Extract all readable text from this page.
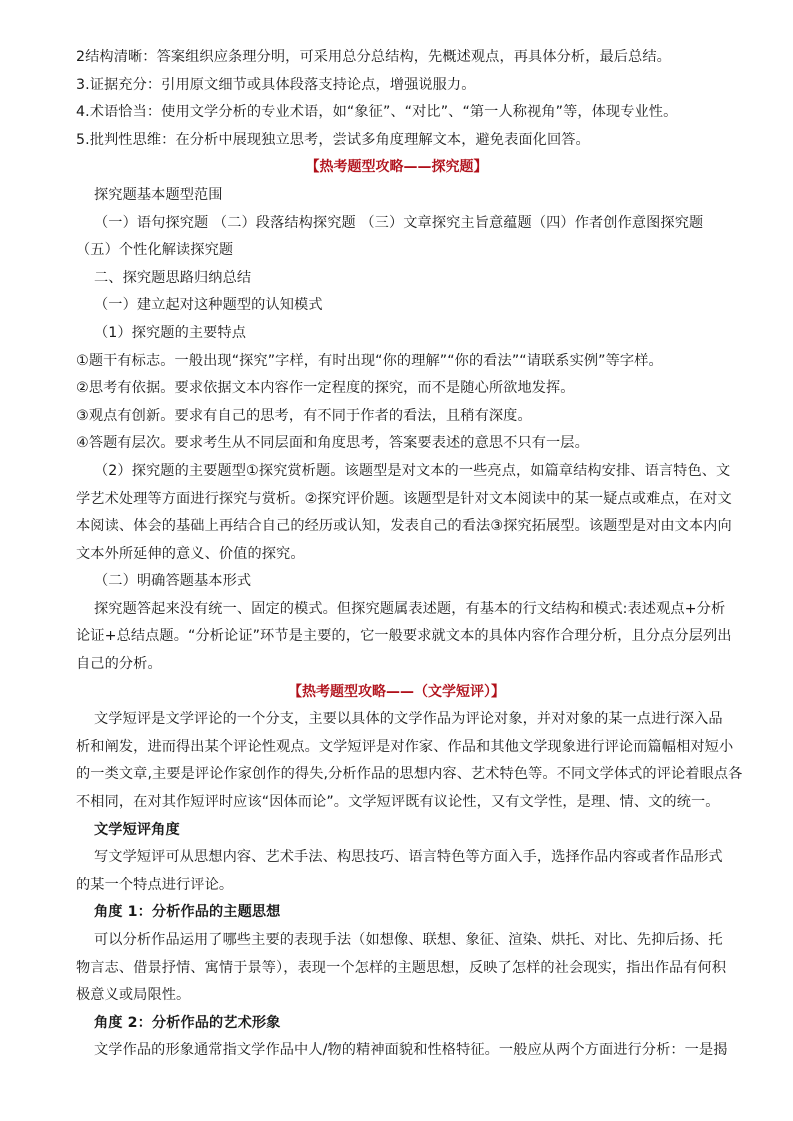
2结构清晰：答案组织应条理分明，可采用总分总结构，先概述观点，再具体分析，最后总结。
3.证据充分：引用原文细节或具体段落支持论点，增强说服力。
4.术语恰当：使用文学分析的专业术语，如“象征”、“对比”、“第一人称视角”等，体现专业性。
5.批判性思维：在分析中展现独立思考，尝试多角度理解文本，避免表面化回答。
【热考题型攻略——探究题】
探究题基本题型范围
（一）语句探究题 （二）段落结构探究题 （三）文章探究主旨意蕴题（四）作者创作意图探究题
（五）个性化解读探究题
二、探究题思路归纳总结
（一）建立起对这种题型的认知模式
（1）探究题的主要特点
①题干有标志。一般出现“探究”字样，有时出现“你的理解”“你的看法”“请联系实例”等字样。
②思考有依据。要求依据文本内容作一定程度的探究，而不是随心所欲地发挥。
③观点有创新。要求有自己的思考，有不同于作者的看法，且稍有深度。
④答题有层次。要求考生从不同层面和角度思考，答案要表述的意思不只有一层。
（2）探究题的主要题型①探究赏析题。该题型是对文本的一些亮点，如篇章结构安排、语言特色、文
学艺术处理等方面进行探究与赏析。②探究评价题。该题型是针对文本阅读中的某一疑点或难点，在对文
本阅读、体会的基础上再结合自己的经历或认知，发表自己的看法③探究拓展型。该题型是对由文本内向
文本外所延伸的意义、价值的探究。
（二）明确答题基本形式
探究题答起来没有统一、固定的模式。但探究题属表述题，有基本的行文结构和模式:表述观点+分析
论证+总结点题。“分析论证”环节是主要的，它一般要求就文本的具体内容作合理分析，且分点分层列出
自己的分析。
【热考题型攻略——（文学短评）】
文学短评是文学评论的一个分支，主要以具体的文学作品为评论对象，并对对象的某一点进行深入品
析和阐发，进而得出某个评论性观点。文学短评是对作家、作品和其他文学现象进行评论而篇幅相对短小
的一类文章,主要是评论作家创作的得失,分析作品的思想内容、艺术特色等。不同文学体式的评论着眼点各
不相同，在对其作短评时应该“因体而论”。文学短评既有议论性，又有文学性，是理、情、文的统一。
文学短评角度
写文学短评可从思想内容、艺术手法、构思技巧、语言特色等方面入手，选择作品内容或者作品形式
的某一个特点进行评论。
角度 1：分析作品的主题思想
可以分析作品运用了哪些主要的表现手法（如想像、联想、象征、渲染、烘托、对比、先抑后扬、托
物言志、借景抒情、寓情于景等），表现一个怎样的主题思想，反映了怎样的社会现实，指出作品有何积
极意义或局限性。
角度 2：分析作品的艺术形象
文学作品的形象通常指文学作品中人/物的精神面貌和性格特征。一般应从两个方面进行分析：一是揭
